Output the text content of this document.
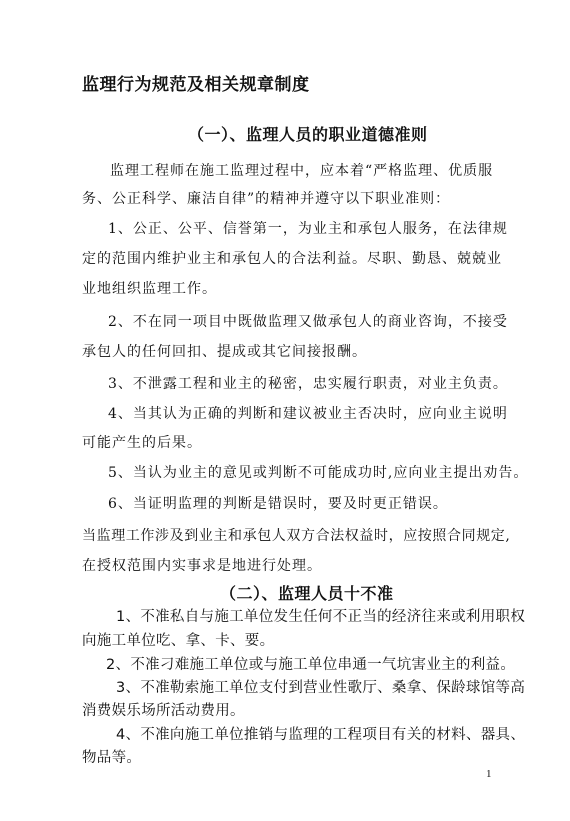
监理行为规范及相关规章制度
（一）、监理人员的职业道德准则
监理工程师在施工监理过程中，应本着“严格监理、优质服
务、公正科学、廉洁自律”的精神并遵守以下职业准则：
1、公正、公平、信誉第一，为业主和承包人服务，在法律规
定的范围内维护业主和承包人的合法利益。尽职、勤恳、兢兢业
业地组织监理工作。
2、不在同一项目中既做监理又做承包人的商业咨询，不接受
承包人的任何回扣、提成或其它间接报酬。
3、不泄露工程和业主的秘密，忠实履行职责，对业主负责。
4、当其认为正确的判断和建议被业主否决时，应向业主说明
可能产生的后果。
5、当认为业主的意见或判断不可能成功时,应向业主提出劝告。
6、当证明监理的判断是错误时，要及时更正错误。
当监理工作涉及到业主和承包人双方合法权益时，应按照合同规定,
在授权范围内实事求是地进行处理。
（二）、监理人员十不准
1、不准私自与施工单位发生任何不正当的经济往来或利用职权
向施工单位吃、拿、卡、要。
2、不准刁难施工单位或与施工单位串通一气坑害业主的利益。
3、不准勒索施工单位支付到营业性歌厅、桑拿、保龄球馆等高
消费娱乐场所活动费用。
4、不准向施工单位推销与监理的工程项目有关的材料、器具、
物品等。
1
